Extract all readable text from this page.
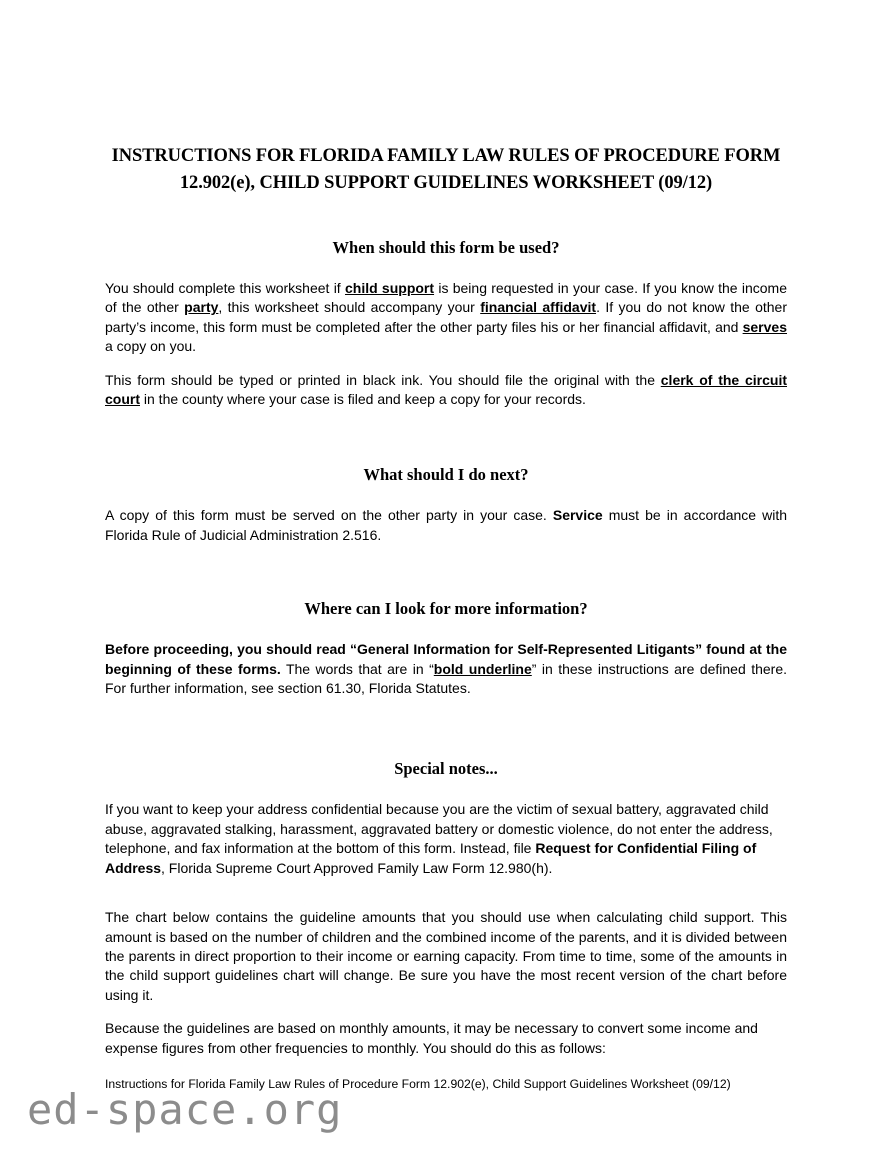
INSTRUCTIONS FOR FLORIDA FAMILY LAW RULES OF PROCEDURE FORM
12.902(e), CHILD SUPPORT GUIDELINES WORKSHEET (09/12)
When should this form be used?

You should complete this worksheet if child support is being requested in your case. If you know the income of the other party, this worksheet should accompany your financial affidavit. If you do not know the other party’s income, this form must be completed after the other party files his or her financial affidavit, and serves a copy on you.

This form should be typed or printed in black ink. You should file the original with the clerk of the circuit court in the county where your case is filed and keep a copy for your records.

What should I do next?

A copy of this form must be served on the other party in your case. Service must be in accordance with Florida Rule of Judicial Administration 2.516.

Where can I look for more information?

Before proceeding, you should read “General Information for Self-Represented Litigants” found at the beginning of these forms. The words that are in “bold underline” in these instructions are defined there. For further information, see section 61.30, Florida Statutes.

Special notes...

If you want to keep your address confidential because you are the victim of sexual battery, aggravated child abuse, aggravated stalking, harassment, aggravated battery or domestic violence, do not enter the address, telephone, and fax information at the bottom of this form. Instead, file Request for Confidential Filing of Address, Florida Supreme Court Approved Family Law Form 12.980(h).

The chart below contains the guideline amounts that you should use when calculating child support. This amount is based on the number of children and the combined income of the parents, and it is divided between the parents in direct proportion to their income or earning capacity. From time to time, some of the amounts in the child support guidelines chart will change. Be sure you have the most recent version of the chart before using it.

Because the guidelines are based on monthly amounts, it may be necessary to convert some income and expense figures from other frequencies to monthly. You should do this as follows:

Instructions for Florida Family Law Rules of Procedure Form 12.902(e), Child Support Guidelines Worksheet (09/12)

ed-space.org
